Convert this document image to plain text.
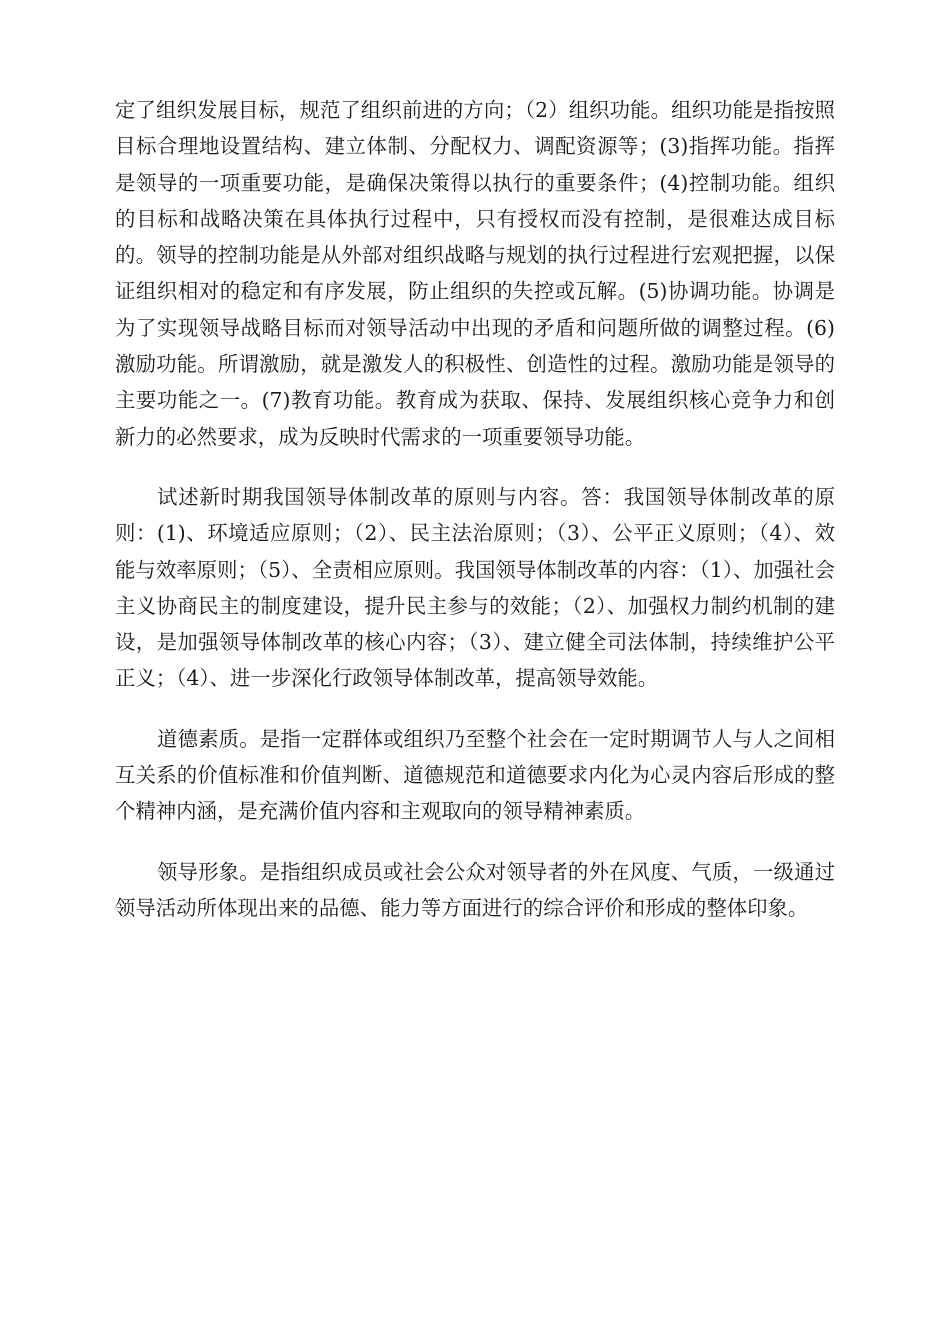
定了组织发展目标，规范了组织前进的方向；（2）组织功能。组织功能是指按照目标合理地设置结构、建立体制、分配权力、调配资源等；(3)指挥功能。指挥是领导的一项重要功能，是确保决策得以执行的重要条件；(4)控制功能。组织的目标和战略决策在具体执行过程中，只有授权而没有控制，是很难达成目标的。领导的控制功能是从外部对组织战略与规划的执行过程进行宏观把握，以保证组织相对的稳定和有序发展，防止组织的失控或瓦解。(5)协调功能。协调是为了实现领导战略目标而对领导活动中出现的矛盾和问题所做的调整过程。(6)激励功能。所谓激励，就是激发人的积极性、创造性的过程。激励功能是领导的主要功能之一。(7)教育功能。教育成为获取、保持、发展组织核心竞争力和创新力的必然要求，成为反映时代需求的一项重要领导功能。

试述新时期我国领导体制改革的原则与内容。答：我国领导体制改革的原则：(1)、环境适应原则；（2）、民主法治原则；（3）、公平正义原则；（4）、效能与效率原则；（5）、全责相应原则。我国领导体制改革的内容：（1）、加强社会主义协商民主的制度建设，提升民主参与的效能；（2）、加强权力制约机制的建设，是加强领导体制改革的核心内容；（3）、建立健全司法体制，持续维护公平正义；（4）、进一步深化行政领导体制改革，提高领导效能。

道德素质。是指一定群体或组织乃至整个社会在一定时期调节人与人之间相互关系的价值标准和价值判断、道德规范和道德要求内化为心灵内容后形成的整个精神内涵，是充满价值内容和主观取向的领导精神素质。

领导形象。是指组织成员或社会公众对领导者的外在风度、气质，一级通过领导活动所体现出来的品德、能力等方面进行的综合评价和形成的整体印象。
